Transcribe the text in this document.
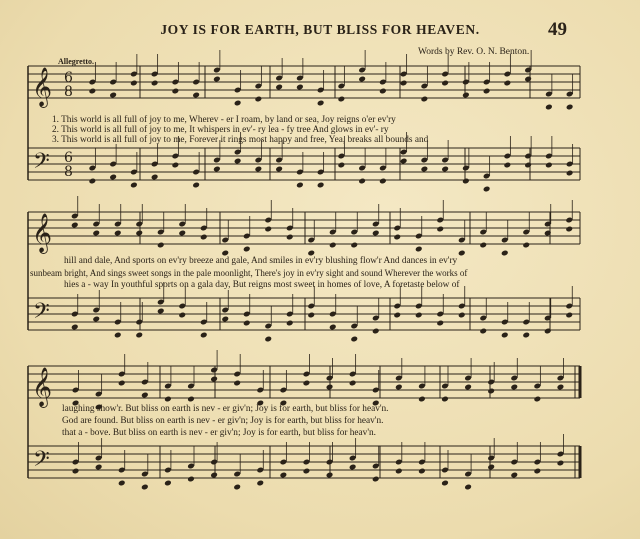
𝄞
𝄢
6
8
6
8
𝄞
𝄢
𝄞
𝄢
JOY IS FOR EARTH, BUT BLISS FOR HEAVEN.	49
Words by Rev. O. N. Benton.
Allegretto.
1. This world is all full of joy to me, Wherev - er I roam, by land or sea, Joy reigns o'er ev'ry
2. This world is all full of joy to me, It whispers in ev'- ry lea - fy tree And glows in ev'- ry
3. This world is all full of joy to me, Forever it rings most happy and free, Yea, breaks all bounds and
hill and dale, And sports on ev'ry breeze and gale, And smiles in ev'ry blushing flow'r And dances in ev'ry
sunbeam bright, And sings sweet songs in the pale moonlight, There's joy in ev'ry sight and sound Wherever the works of
hies a - way In youthful sports on a gala day, But reigns most sweet in homes of love, A foretaste below of
laughing show'r. But bliss on earth is nev - er giv'n; Joy is for earth, but bliss for heav'n.
God are found. But bliss on earth is nev - er giv'n; Joy is for earth, but bliss for heav'n.
that a - bove. But bliss on earth is nev - er giv'n; Joy is for earth, but bliss for heav'n.
